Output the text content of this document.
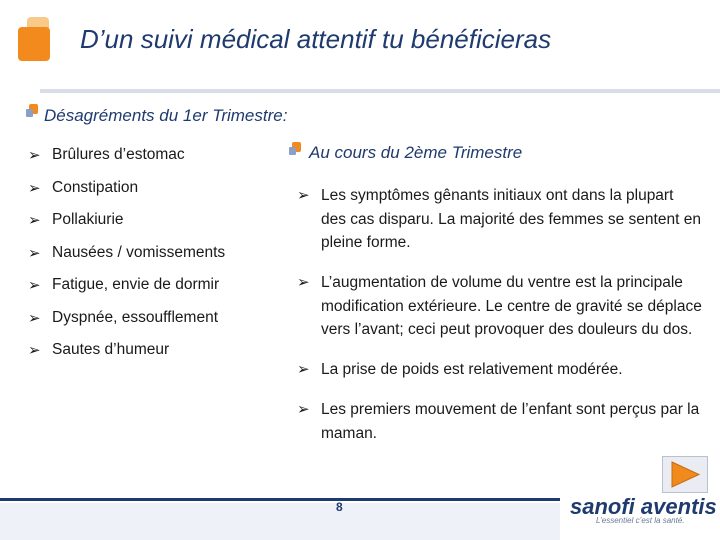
D’un suivi médical attentif tu bénéficieras
Désagréments du 1er Trimestre:
➢ Brûlures d’estomac
➢ Constipation
➢ Pollakiurie
➢ Nausées / vomissements
➢ Fatigue, envie de dormir
➢ Dyspnée, essoufflement
➢ Sautes d’humeur
Au cours du 2ème Trimestre
➢ Les symptômes gênants initiaux ont dans la plupart des cas disparu. La majorité des femmes se sentent en pleine forme.
➢ L’augmentation de volume du ventre est la principale modification extérieure. Le centre de gravité se déplace vers l’avant; ceci peut provoquer des douleurs du dos.
➢ La prise de poids est relativement modérée.
➢ Les premiers mouvement de l’enfant sont perçus par la maman.
8	sanofi aventis
L’essentiel c’est la santé.
